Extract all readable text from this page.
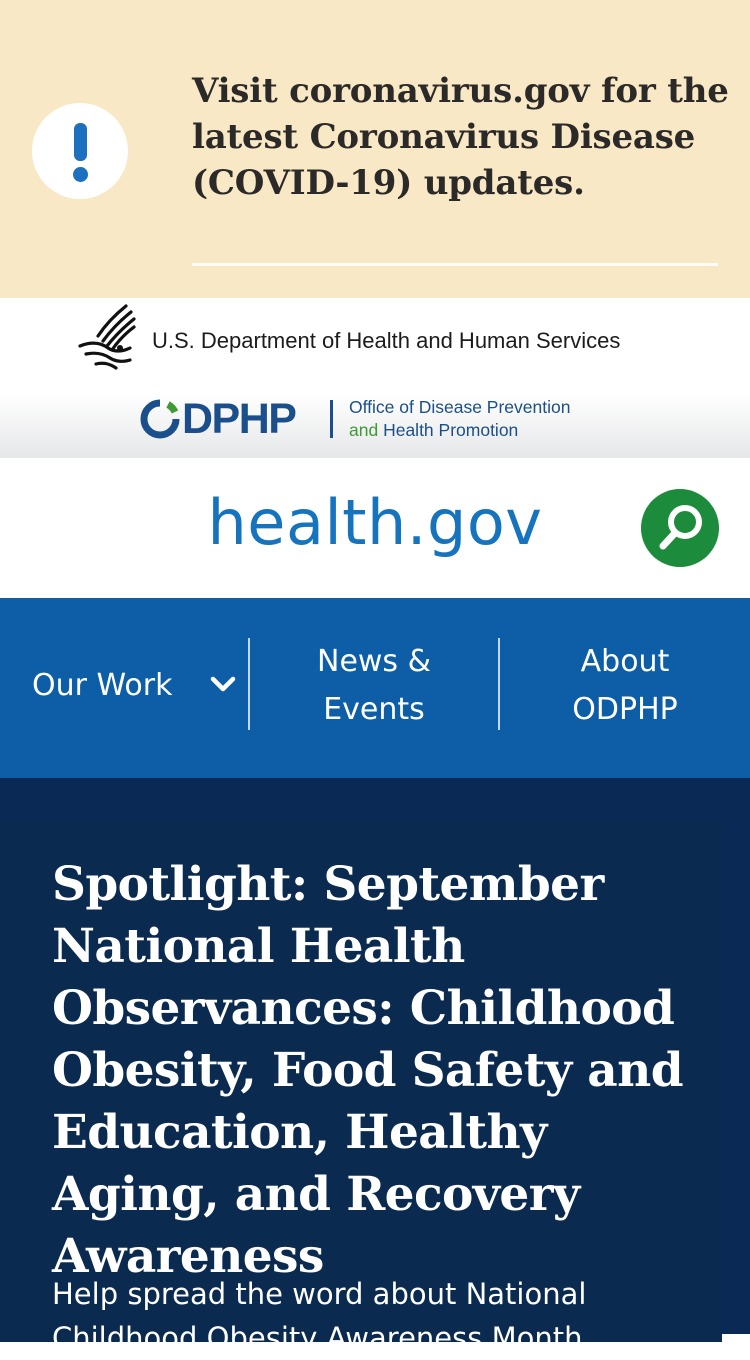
Visit coronavirus.gov for the latest Coronavirus Disease (COVID-19) updates.

U.S. Department of Health and Human Services
DPHP	Office of Disease Prevention
and Health Promotion
health.gov
Our Work
News &
Events
About
ODPHP
Spotlight: September National Health Observances: Childhood Obesity, Food Safety and Education, Healthy Aging, and Recovery Awareness

Help spread the word about National Childhood Obesity Awareness Month
